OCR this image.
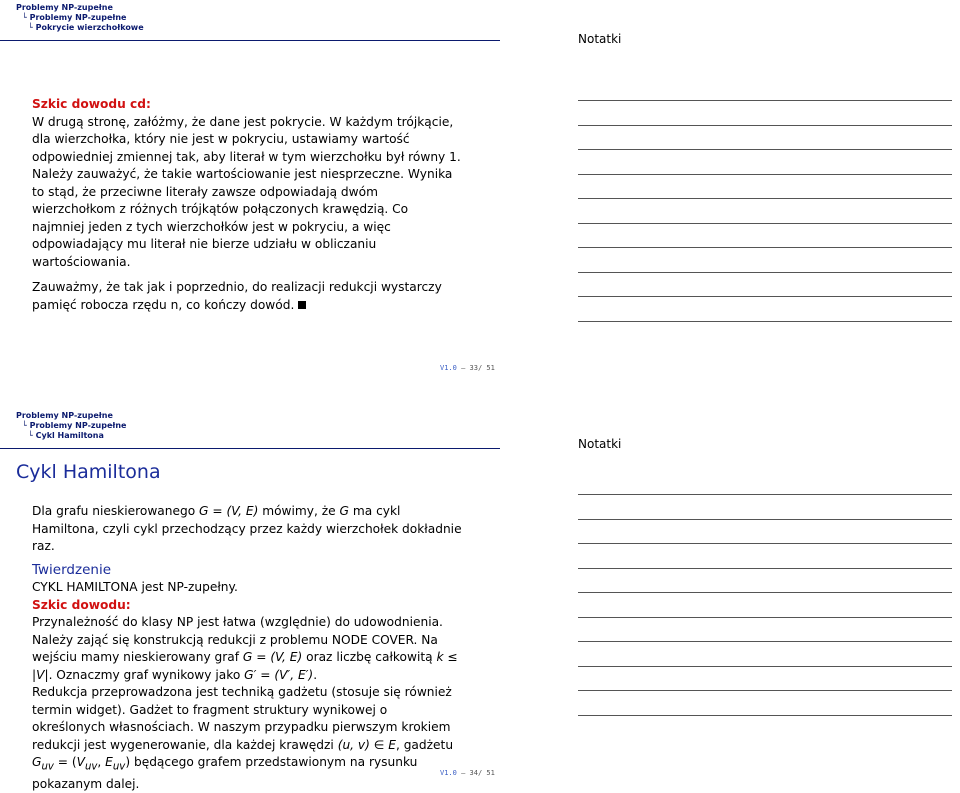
Problemy NP-zupełne
└ Problemy NP-zupełne
└ Pokrycie wierzchołkowe
Szkic dowodu cd:
W drugą stronę, załóżmy, że dane jest pokrycie. W każdym trójkącie, dla wierzchołka, który nie jest w pokryciu, ustawiamy wartość odpowiedniej zmiennej tak, aby literał w tym wierzchołku był równy 1. Należy zauważyć, że takie wartościowanie jest niesprzeczne. Wynika to stąd, że przeciwne literały zawsze odpowiadają dwóm wierzchołkom z różnych trójkątów połączonych krawędzią. Co najmniej jeden z tych wierzchołków jest w pokryciu, a więc odpowiadający mu literał nie bierze udziału w obliczaniu wartościowania.
Zauważmy, że tak jak i poprzednio, do realizacji redukcji wystarczy pamięć robocza rzędu n, co kończy dowód.
V1.0 — 33/ 51
Notatki
Problemy NP-zupełne
└ Problemy NP-zupełne
└ Cykl Hamiltona
Cykl Hamiltona
Dla grafu nieskierowanego G = (V, E) mówimy, że G ma cykl Hamiltona, czyli cykl przechodzący przez każdy wierzchołek dokładnie raz.
Twierdzenie
CYKL HAMILTONA jest NP-zupełny.
Szkic dowodu:
Przynależność do klasy NP jest łatwa (względnie) do udowodnienia. Należy zająć się konstrukcją redukcji z problemu NODE COVER. Na wejściu mamy nieskierowany graf G = (V, E) oraz liczbę całkowitą k ≤ |V|. Oznaczmy graf wynikowy jako G′ = (V′, E′).
Redukcja przeprowadzona jest techniką gadżetu (stosuje się również termin widget). Gadżet to fragment struktury wynikowej o określonych własnościach. W naszym przypadku pierwszym krokiem redukcji jest wygenerowanie, dla każdej krawędzi (u, v) ∈ E, gadżetu $G_{uv} = (V_{uv}$, $E_{uv}$) będącego grafem przedstawionym na rysunku pokazanym dalej.
V1.0 — 34/ 51
Notatki
